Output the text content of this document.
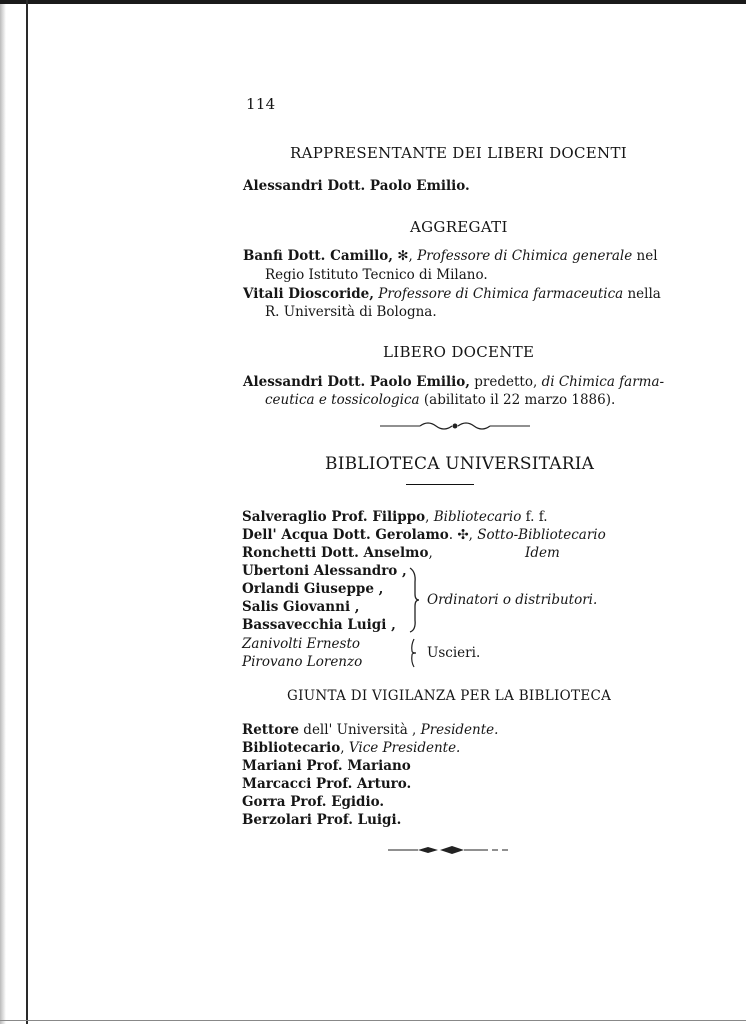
114
RAPPRESENTANTE DEI LIBERI DOCENTI
Alessandri Dott. Paolo Emilio.
AGGREGATI
Banfi Dott. Camillo, ✻, Professore di Chimica generale nel
Regio Istituto Tecnico di Milano.
Vitali Dioscoride, Professore di Chimica farmaceutica nella
R. Università di Bologna.
LIBERO DOCENTE
Alessandri Dott. Paolo Emilio, predetto, di Chimica farma-
ceutica e tossicologica (abilitato il 22 marzo 1886).
BIBLIOTECA UNIVERSITARIA
Salveraglio Prof. Filippo, Bibliotecario f. f.
Dell' Acqua Dott. Gerolamo. ✣, Sotto-Bibliotecario
Ronchetti Dott. Anselmo,	Idem
Ubertoni Alessandro ,
Orlandi Giuseppe ,
Salis Giovanni ,
Bassavecchia Luigi ,
Ordinatori o distributori.
Zanivolti Ernesto
Pirovano Lorenzo
Uscieri.
GIUNTA DI VIGILANZA PER LA BIBLIOTECA
Rettore dell' Università , Presidente.
Bibliotecario, Vice Presidente.
Mariani Prof. Mariano
Marcacci Prof. Arturo.
Gorra Prof. Egidio.
Berzolari Prof. Luigi.
